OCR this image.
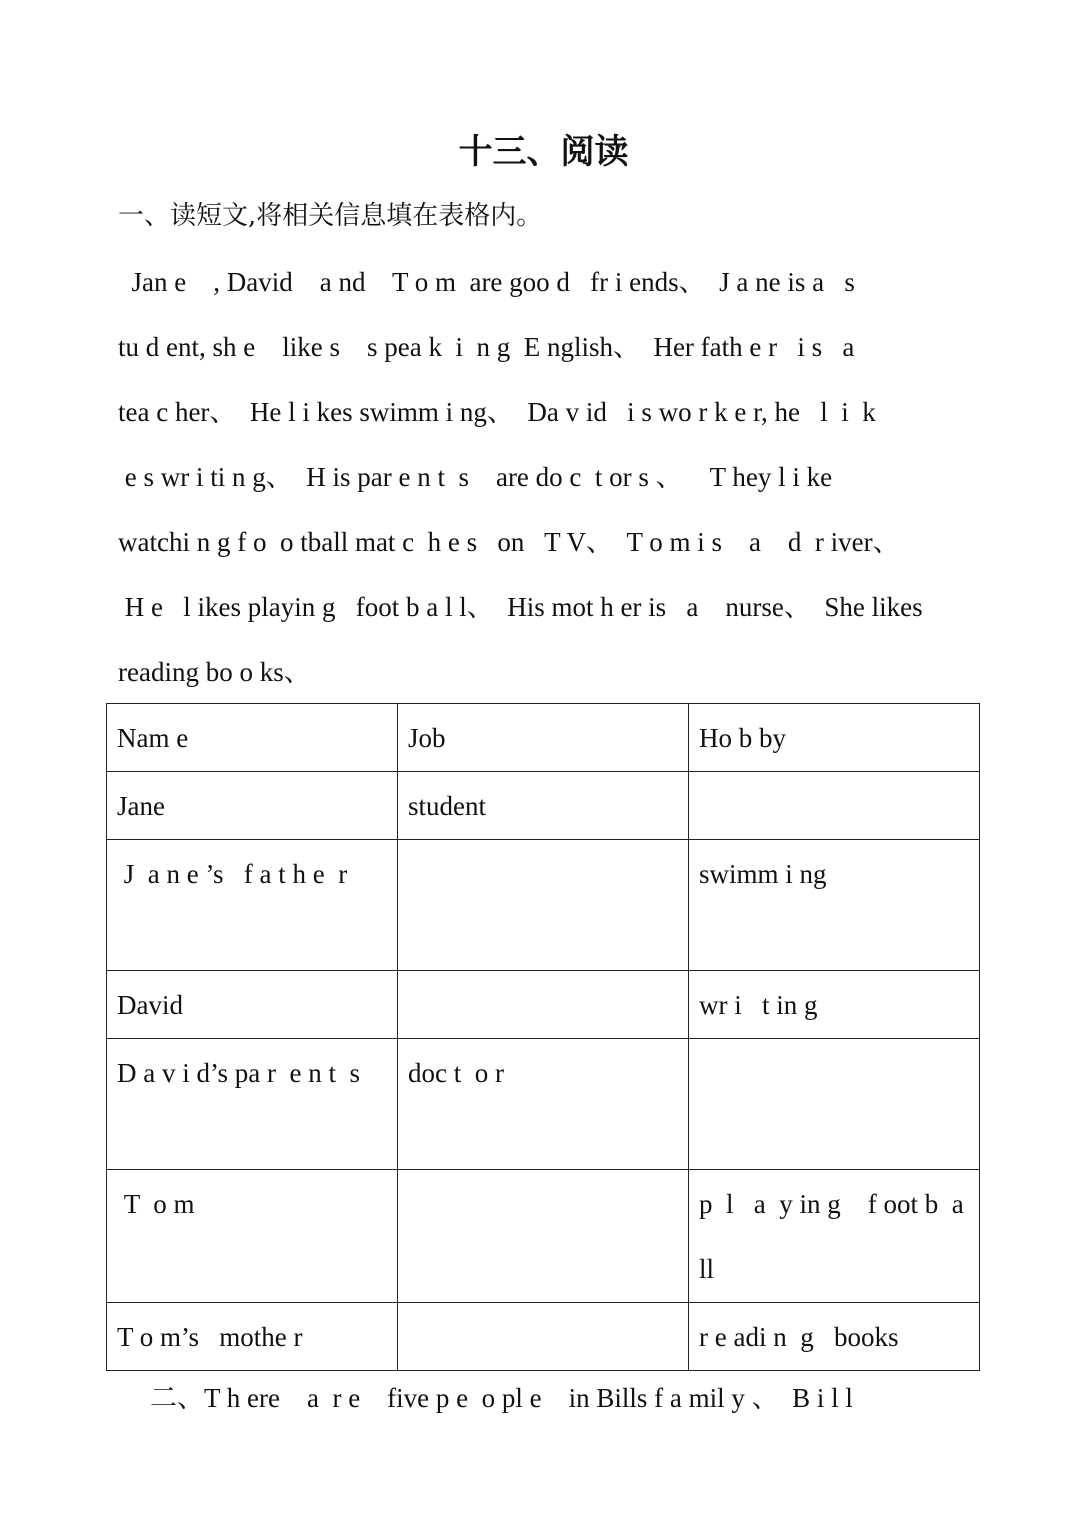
十三、阅读

一、读短文,将相关信息填在表格内。

Jan e    , David    a nd    T o m  are goo d   fr i ends、  J a ne is a   s

tu d ent, sh e    like s    s pea k  i  n g  E nglish、  Her fath e r   i s   a

tea c her、  He l i kes swimm i ng、  Da v id   i s wo r k e r, he   l  i  k

e s wr i ti n g、  H is par e n t  s    are do c  t or s 、    T hey l i ke

watchi n g f o  o tball mat c  h e s   on   T V、  T o m i s    a    d  r iver、

H e   l ikes playin g   foot b a l l、  His mot h er is   a    nurse、  She likes

reading bo o ks、

Nam e	Job	Ho b by
Jane	student	
J  a n e ’s   f a t h e  r		swimm i ng
David		wr i   t in g
D a v i d’s pa r  e n t  s	doc t  o r	
T  o m		p  l   a  y in g    f oot b  a ll
T o m’s   mothe r		r e adi n  g   books

二、T h ere    a  r e    five p e  o pl e    in Bills f a mil y 、  B i l l
